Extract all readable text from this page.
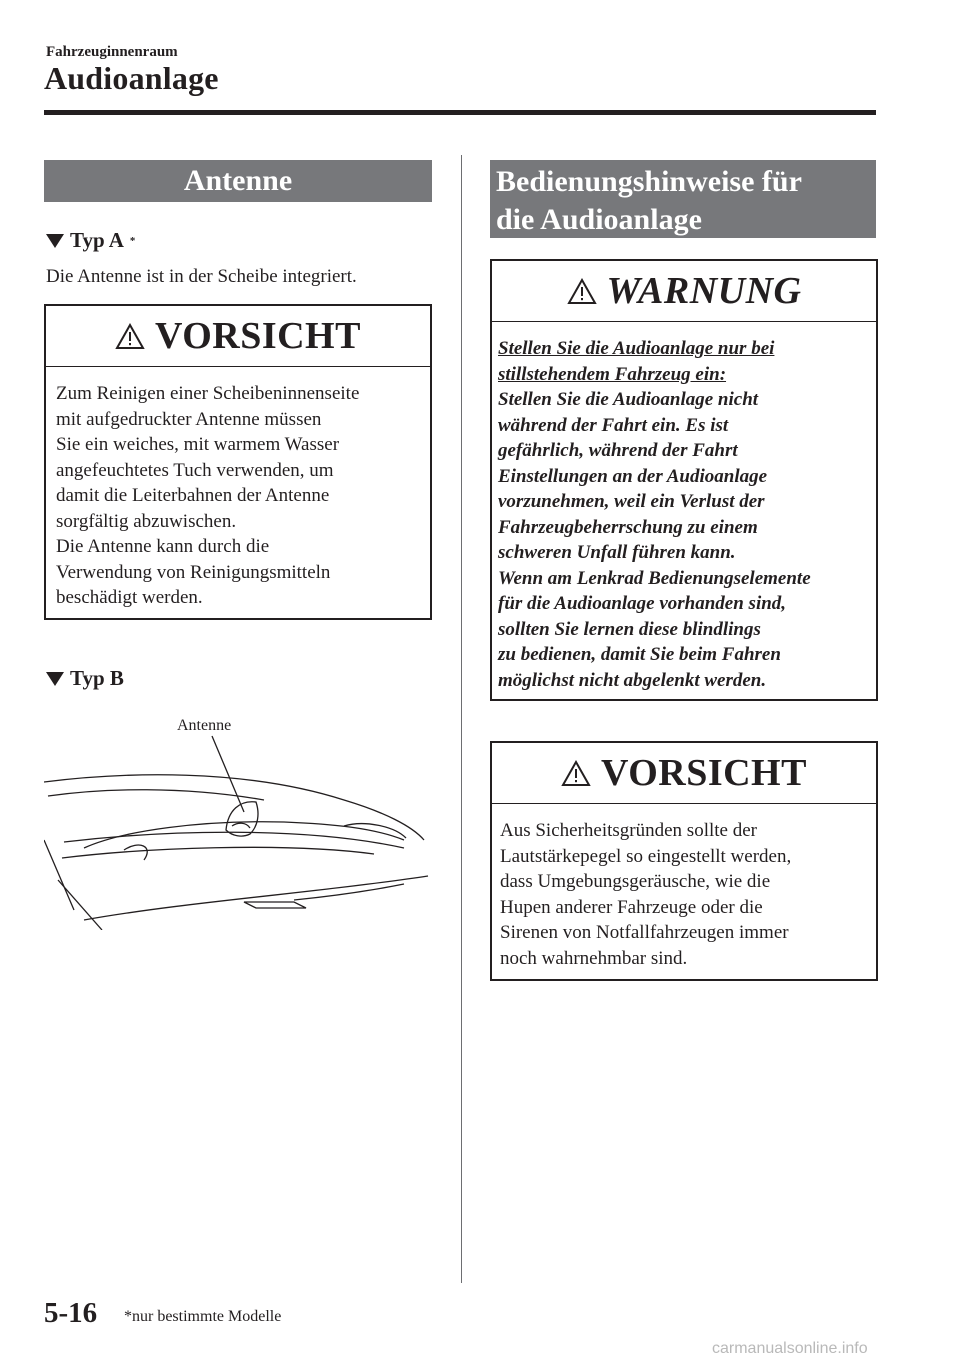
Fahrzeuginnenraum
Audioanlage
Antenne
Typ A *
Die Antenne ist in der Scheibe integriert.
VORSICHT
Zum Reinigen einer Scheibeninnenseite
mit aufgedruckter Antenne müssen
Sie ein weiches, mit warmem Wasser
angefeuchtetes Tuch verwenden, um
damit die Leiterbahnen der Antenne
sorgfältig abzuwischen.
Die Antenne kann durch die
Verwendung von Reinigungsmitteln
beschädigt werden.
Typ B
Antenne
Bedienungshinweise für
die Audioanlage
WARNUNG
Stellen Sie die Audioanlage nur bei
stillstehendem Fahrzeug ein:
Stellen Sie die Audioanlage nicht
während der Fahrt ein. Es ist
gefährlich, während der Fahrt
Einstellungen an der Audioanlage
vorzunehmen, weil ein Verlust der
Fahrzeugbeherrschung zu einem
schweren Unfall führen kann.
Wenn am Lenkrad Bedienungselemente
für die Audioanlage vorhanden sind,
sollten Sie lernen diese blindlings
zu bedienen, damit Sie beim Fahren
möglichst nicht abgelenkt werden.
VORSICHT
Aus Sicherheitsgründen sollte der
Lautstärkepegel so eingestellt werden,
dass Umgebungsgeräusche, wie die
Hupen anderer Fahrzeuge oder die
Sirenen von Notfallfahrzeugen immer
noch wahrnehmbar sind.
5-16 *nur bestimmte Modelle
carmanualsonline.info
